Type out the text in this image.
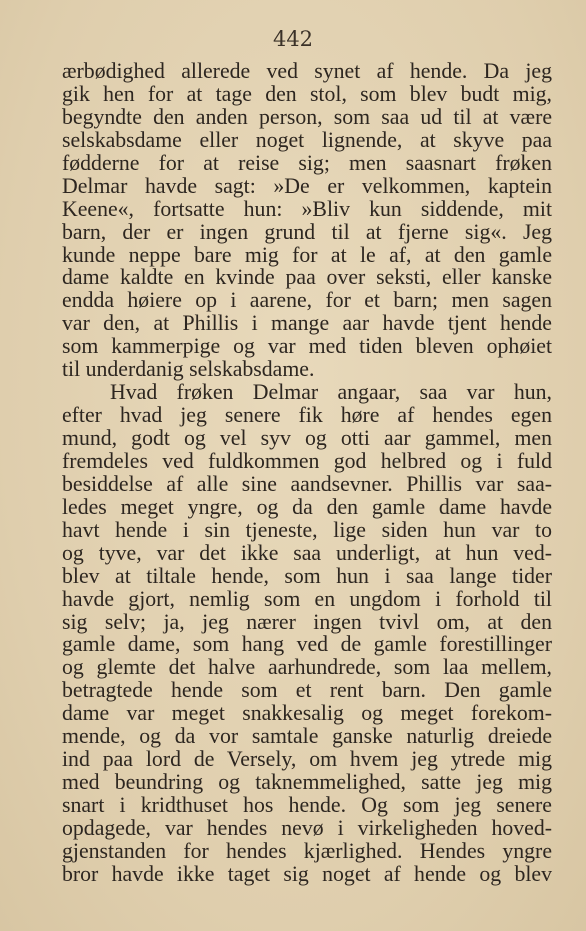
442
ærbødighed allerede ved synet af hende. Da jeg
gik hen for at tage den stol, som blev budt mig,
begyndte den anden person, som saa ud til at være
selskabsdame eller noget lignende, at skyve paa
fødderne for at reise sig; men saasnart frøken
Delmar havde sagt: »De er velkommen, kaptein
Keene«, fortsatte hun: »Bliv kun siddende, mit
barn, der er ingen grund til at fjerne sig«. Jeg
kunde neppe bare mig for at le af, at den gamle
dame kaldte en kvinde paa over seksti, eller kanske
endda høiere op i aarene, for et barn; men sagen
var den, at Phillis i mange aar havde tjent hende
som kammerpige og var med tiden bleven ophøiet
til underdanig selskabsdame.
Hvad frøken Delmar angaar, saa var hun,
efter hvad jeg senere fik høre af hendes egen
mund, godt og vel syv og otti aar gammel, men
fremdeles ved fuldkommen god helbred og i fuld
besiddelse af alle sine aandsevner. Phillis var saa-
ledes meget yngre, og da den gamle dame havde
havt hende i sin tjeneste, lige siden hun var to
og tyve, var det ikke saa underligt, at hun ved-
blev at tiltale hende, som hun i saa lange tider
havde gjort, nemlig som en ungdom i forhold til
sig selv; ja, jeg nærer ingen tvivl om, at den
gamle dame, som hang ved de gamle forestillinger
og glemte det halve aarhundrede, som laa mellem,
betragtede hende som et rent barn. Den gamle
dame var meget snakkesalig og meget forekom-
mende, og da vor samtale ganske naturlig dreiede
ind paa lord de Versely, om hvem jeg ytrede mig
med beundring og taknemmelighed, satte jeg mig
snart i kridthuset hos hende. Og som jeg senere
opdagede, var hendes nevø i virkeligheden hoved-
gjenstanden for hendes kjærlighed. Hendes yngre
bror havde ikke taget sig noget af hende og blev
